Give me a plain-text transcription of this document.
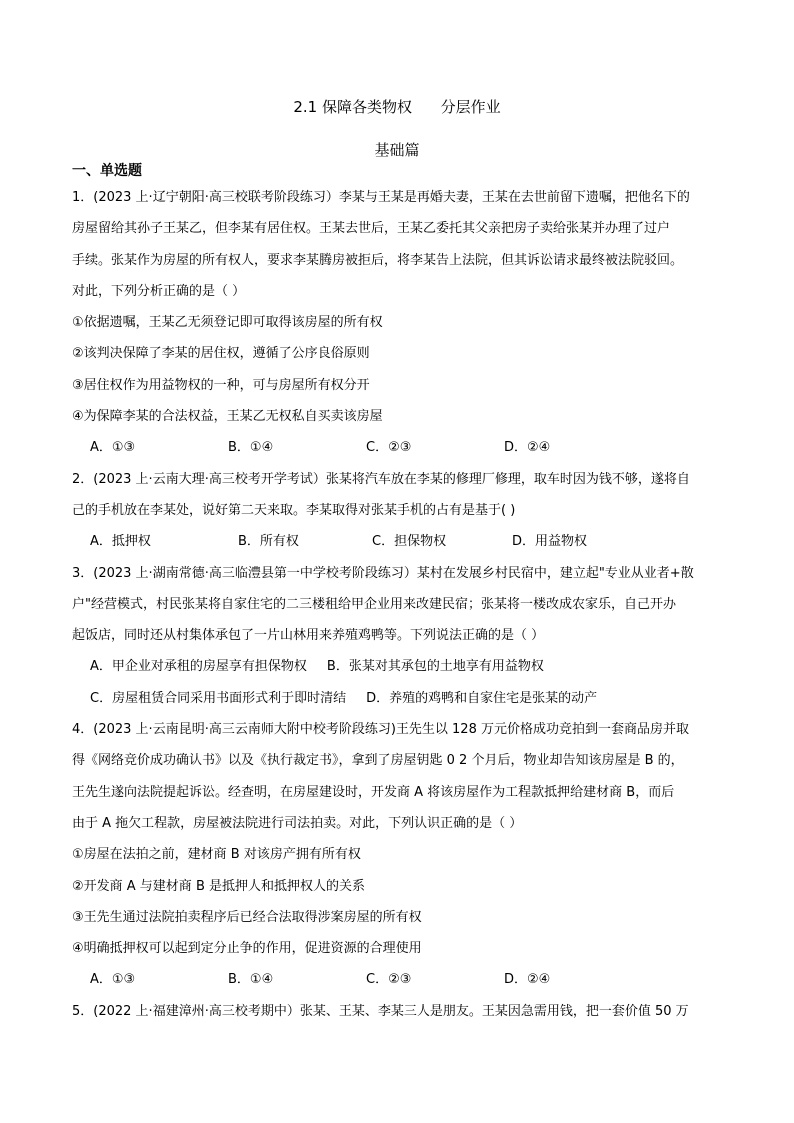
2.1 保障各类物权      分层作业
基础篇
一、单选题
1．(2023 上·辽宁朝阳·高三校联考阶段练习）李某与王某是再婚夫妻，王某在去世前留下遗嘱，把他名下的
房屋留给其孙子王某乙，但李某有居住权。王某去世后，王某乙委托其父亲把房子卖给张某并办理了过户
手续。张某作为房屋的所有权人，要求李某腾房被拒后，将李某告上法院，但其诉讼请求最终被法院驳回。
对此，下列分析正确的是（ ）
①依据遗嘱，王某乙无须登记即可取得该房屋的所有权
②该判决保障了李某的居住权，遵循了公序良俗原则
③居住权作为用益物权的一种，可与房屋所有权分开
④为保障李某的合法权益，王某乙无权私自买卖该房屋
A．①③	B．①④	C．②③	D．②④
2．(2023 上·云南大理·高三校考开学考试）张某将汽车放在李某的修理厂修理，取车时因为钱不够，遂将自
己的手机放在李某处，说好第二天来取。李某取得对张某手机的占有是基于( )
A．抵押权	B．所有权	C．担保物权	D．用益物权
3．(2023 上·湖南常德·高三临澧县第一中学校考阶段练习）某村在发展乡村民宿中，建立起"专业从业者+散
户"经营模式，村民张某将自家住宅的二三楼租给甲企业用来改建民宿；张某将一楼改成农家乐，自己开办
起饭店，同时还从村集体承包了一片山林用来养殖鸡鸭等。下列说法正确的是（ ）
A．甲企业对承租的房屋享有担保物权 B．张某对其承包的土地享有用益物权
C．房屋租赁合同采用书面形式利于即时清结 D．养殖的鸡鸭和自家住宅是张某的动产
4．(2023 上·云南昆明·高三云南师大附中校考阶段练习)王先生以 128 万元价格成功竞拍到一套商品房并取
得《网络竞价成功确认书》以及《执行裁定书》，拿到了房屋钥匙 0 2 个月后，物业却告知该房屋是 B 的，
王先生遂向法院提起诉讼。经查明，在房屋建设时，开发商 A 将该房屋作为工程款抵押给建材商 B，而后
由于 A 拖欠工程款，房屋被法院进行司法拍卖。对此，下列认识正确的是（ ）
①房屋在法拍之前，建材商 B 对该房产拥有所有权
②开发商 A 与建材商 B 是抵押人和抵押权人的关系
③王先生通过法院拍卖程序后已经合法取得涉案房屋的所有权
④明确抵押权可以起到定分止争的作用，促进资源的合理使用
A．①③	B．①④	C．②③	D．②④
5．(2022 上·福建漳州·高三校考期中）张某、王某、李某三人是朋友。王某因急需用钱，把一套价值 50 万
